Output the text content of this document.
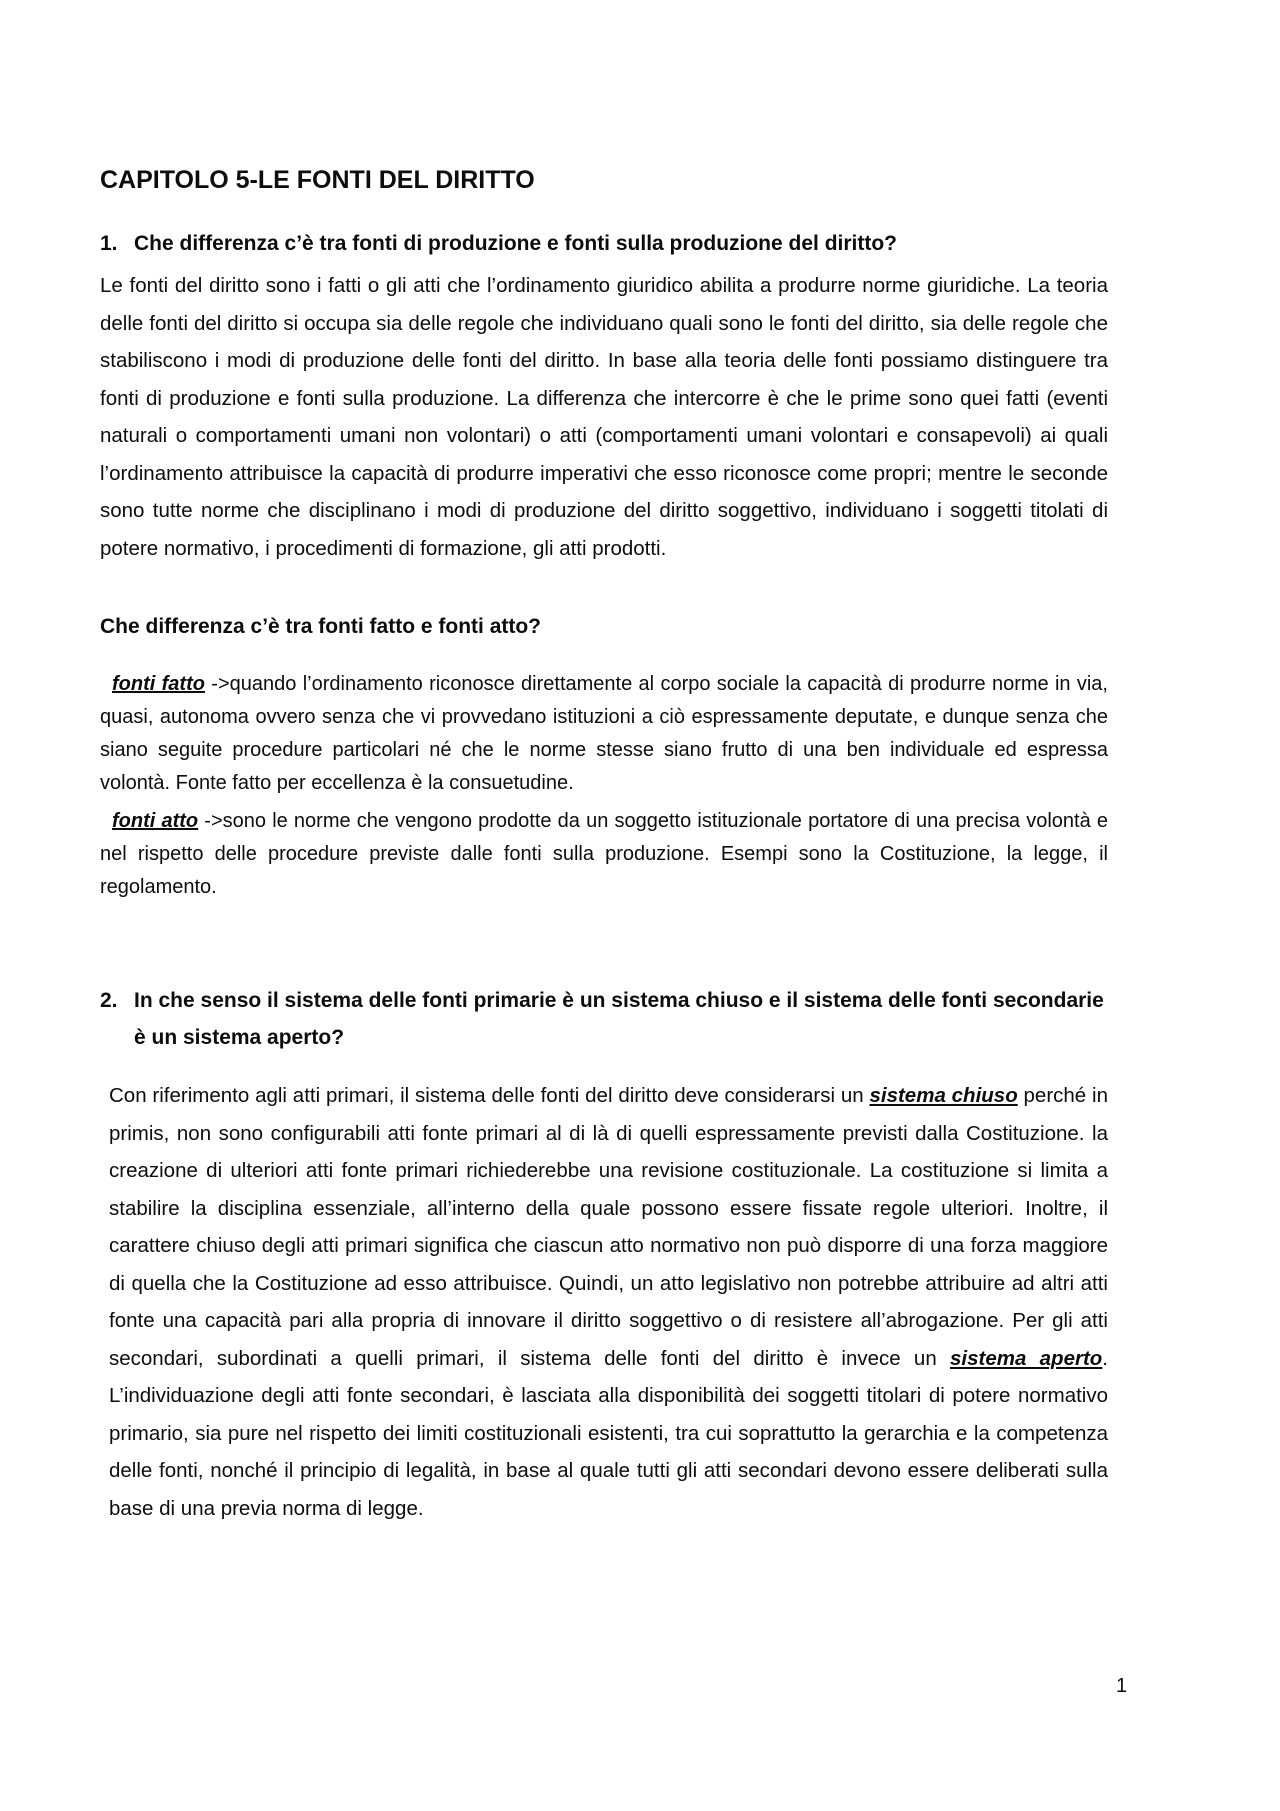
CAPITOLO 5-LE FONTI DEL DIRITTO
1. Che differenza c’è tra fonti di produzione e fonti sulla produzione del diritto?

Le fonti del diritto sono i fatti o gli atti che l’ordinamento giuridico abilita a produrre norme giuridiche. La teoria delle fonti del diritto si occupa sia delle regole che individuano quali sono le fonti del diritto, sia delle regole che stabiliscono i modi di produzione delle fonti del diritto. In base alla teoria delle fonti possiamo distinguere tra fonti di produzione e fonti sulla produzione. La differenza che intercorre è che le prime sono quei fatti (eventi naturali o comportamenti umani non volontari) o atti (comportamenti umani volontari e consapevoli) ai quali l’ordinamento attribuisce la capacità di produrre imperativi che esso riconosce come propri; mentre le seconde sono tutte norme che disciplinano i modi di produzione del diritto soggettivo, individuano i soggetti titolati di potere normativo, i procedimenti di formazione, gli atti prodotti.

Che differenza c’è tra fonti fatto e fonti atto?

fonti fatto ->quando l’ordinamento riconosce direttamente al corpo sociale la capacità di produrre norme in via, quasi, autonoma ovvero senza che vi provvedano istituzioni a ciò espressamente deputate, e dunque senza che siano seguite procedure particolari né che le norme stesse siano frutto di una ben individuale ed espressa volontà. Fonte fatto per eccellenza è la consuetudine.

fonti atto ->sono le norme che vengono prodotte da un soggetto istituzionale portatore di una precisa volontà e nel rispetto delle procedure previste dalle fonti sulla produzione. Esempi sono la Costituzione, la legge, il regolamento.

2. In che senso il sistema delle fonti primarie è un sistema chiuso e il sistema delle fonti secondarie è un sistema aperto?

Con riferimento agli atti primari, il sistema delle fonti del diritto deve considerarsi un sistema chiuso perché in primis, non sono configurabili atti fonte primari al di là di quelli espressamente previsti dalla Costituzione. la creazione di ulteriori atti fonte primari richiederebbe una revisione costituzionale. La costituzione si limita a stabilire la disciplina essenziale, all’interno della quale possono essere fissate regole ulteriori. Inoltre, il carattere chiuso degli atti primari significa che ciascun atto normativo non può disporre di una forza maggiore di quella che la Costituzione ad esso attribuisce. Quindi, un atto legislativo non potrebbe attribuire ad altri atti fonte una capacità pari alla propria di innovare il diritto soggettivo o di resistere all’abrogazione. Per gli atti secondari, subordinati a quelli primari, il sistema delle fonti del diritto è invece un sistema aperto. L’individuazione degli atti fonte secondari, è lasciata alla disponibilità dei soggetti titolari di potere normativo primario, sia pure nel rispetto dei limiti costituzionali esistenti, tra cui soprattutto la gerarchia e la competenza delle fonti, nonché il principio di legalità, in base al quale tutti gli atti secondari devono essere deliberati sulla base di una previa norma di legge.

1
